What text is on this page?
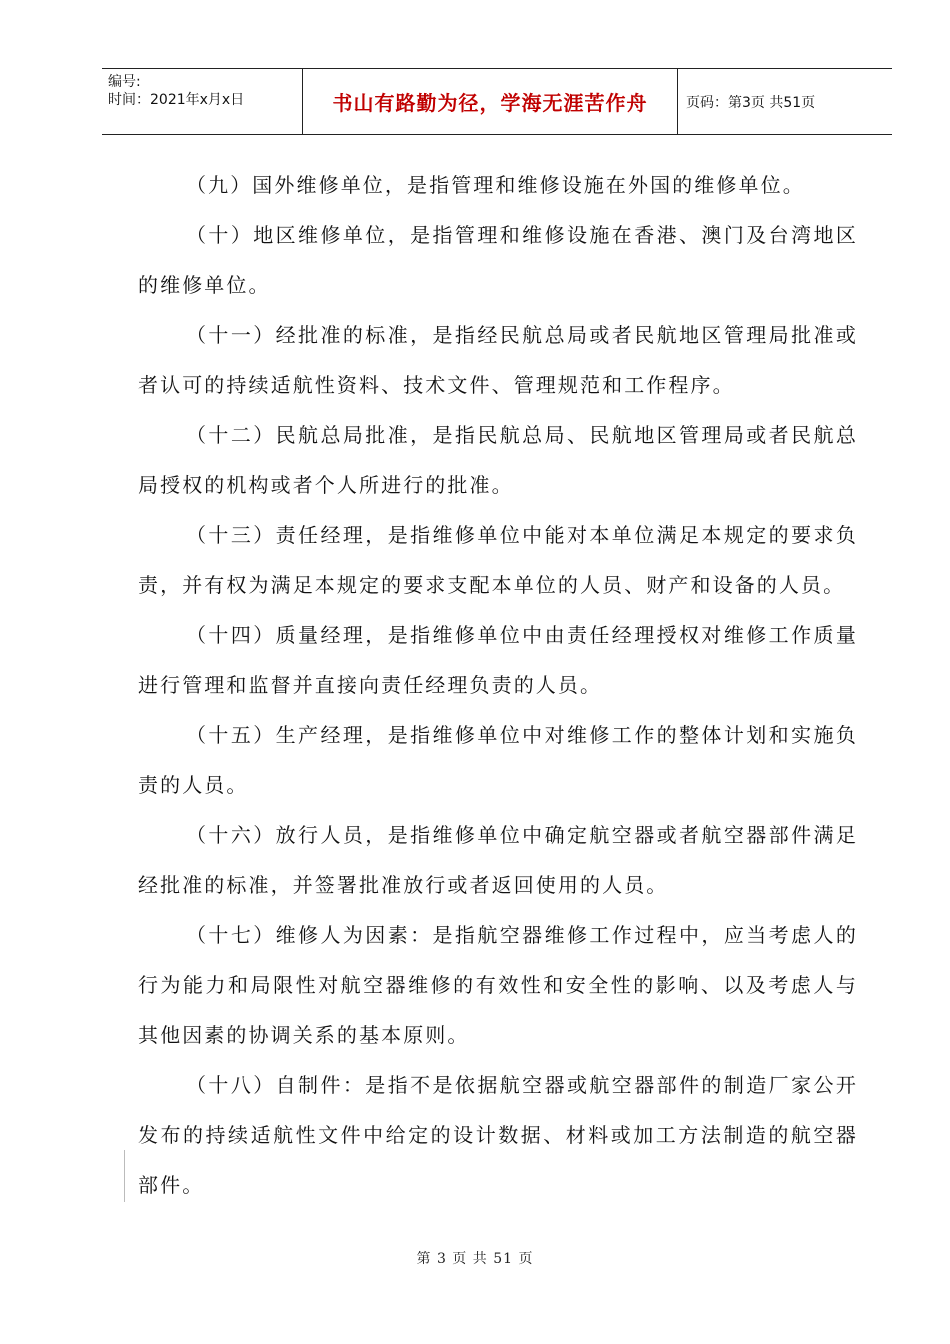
编号:
时间：2021年x月x日	书山有路勤为径，学海无涯苦作舟	页码：第3页 共51页

（九）国外维修单位，是指管理和维修设施在外国的维修单位。

（十）地区维修单位，是指管理和维修设施在香港、澳门及台湾地区的维修单位。

（十一）经批准的标准，是指经民航总局或者民航地区管理局批准或者认可的持续适航性资料、技术文件、管理规范和工作程序。

（十二）民航总局批准，是指民航总局、民航地区管理局或者民航总局授权的机构或者个人所进行的批准。

（十三）责任经理，是指维修单位中能对本单位满足本规定的要求负责，并有权为满足本规定的要求支配本单位的人员、财产和设备的人员。

（十四）质量经理，是指维修单位中由责任经理授权对维修工作质量进行管理和监督并直接向责任经理负责的人员。

（十五）生产经理，是指维修单位中对维修工作的整体计划和实施负责的人员。

（十六）放行人员，是指维修单位中确定航空器或者航空器部件满足经批准的标准，并签署批准放行或者返回使用的人员。

（十七）维修人为因素：是指航空器维修工作过程中，应当考虑人的行为能力和局限性对航空器维修的有效性和安全性的影响、以及考虑人与其他因素的协调关系的基本原则。

（十八）自制件：是指不是依据航空器或航空器部件的制造厂家公开发布的持续适航性文件中给定的设计数据、材料或加工方法制造的航空器部件。

第 3 页 共 51 页
